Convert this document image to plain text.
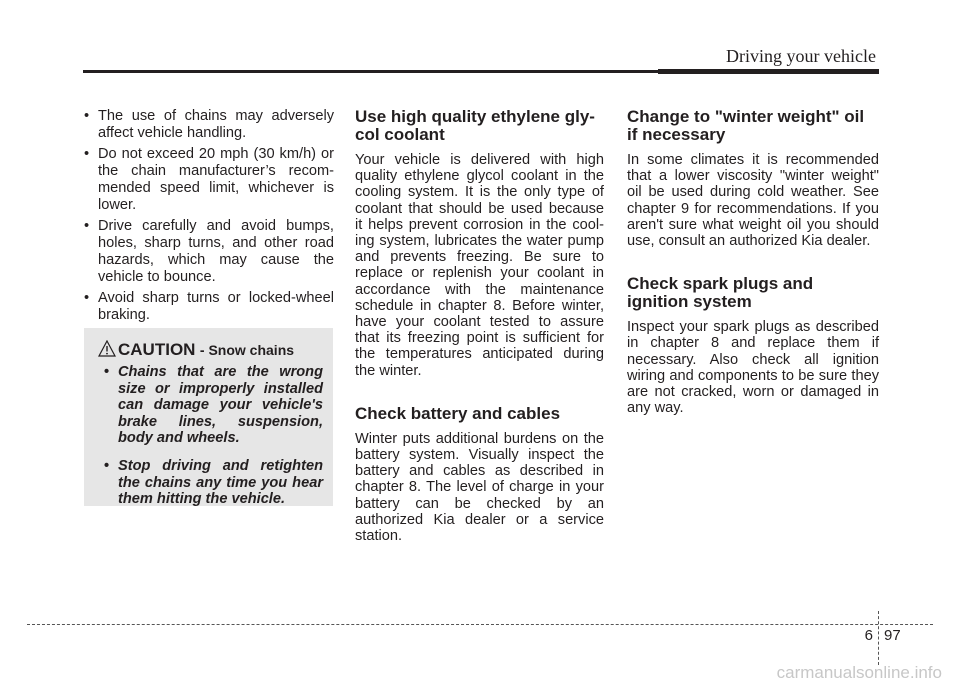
Driving your vehicle
• The use of chains may adversely affect vehicle handling.
• Do not exceed 20 mph (30 km/h) or the chain manufacturer’s recom-mended speed limit, whichever is lower.
• Drive carefully and avoid bumps, holes, sharp turns, and other road hazards, which may cause the vehicle to bounce.
• Avoid sharp turns or locked-wheel braking.
CAUTION - Snow chains
• Chains that are the wrong size or improperly installed can damage your vehicle's brake lines, suspension, body and wheels.
• Stop driving and retighten the chains any time you hear them hitting the vehicle.
Use high quality ethylene gly-col coolant

Your vehicle is delivered with high quality ethylene glycol coolant in the cooling system. It is the only type of coolant that should be used because it helps prevent corrosion in the cool-ing system, lubricates the water pump and prevents freezing. Be sure to replace or replenish your coolant in accordance with the maintenance schedule in chapter 8. Before winter, have your coolant tested to assure that its freezing point is sufficient for the temperatures anticipated during the winter.

Check battery and cables

Winter puts additional burdens on the battery system. Visually inspect the battery and cables as described in chapter 8. The level of charge in your battery can be checked by an authorized Kia dealer or a service station.

Change to "winter weight" oil if necessary

In some climates it is recommended that a lower viscosity "winter weight" oil be used during cold weather. See chapter 9 for recommendations. If you aren't sure what weight oil you should use, consult an authorized Kia dealer.

Check spark plugs and ignition system

Inspect your spark plugs as described in chapter 8 and replace them if necessary. Also check all ignition wiring and components to be sure they are not cracked, worn or damaged in any way.

6 97
carmanualsonline.info
